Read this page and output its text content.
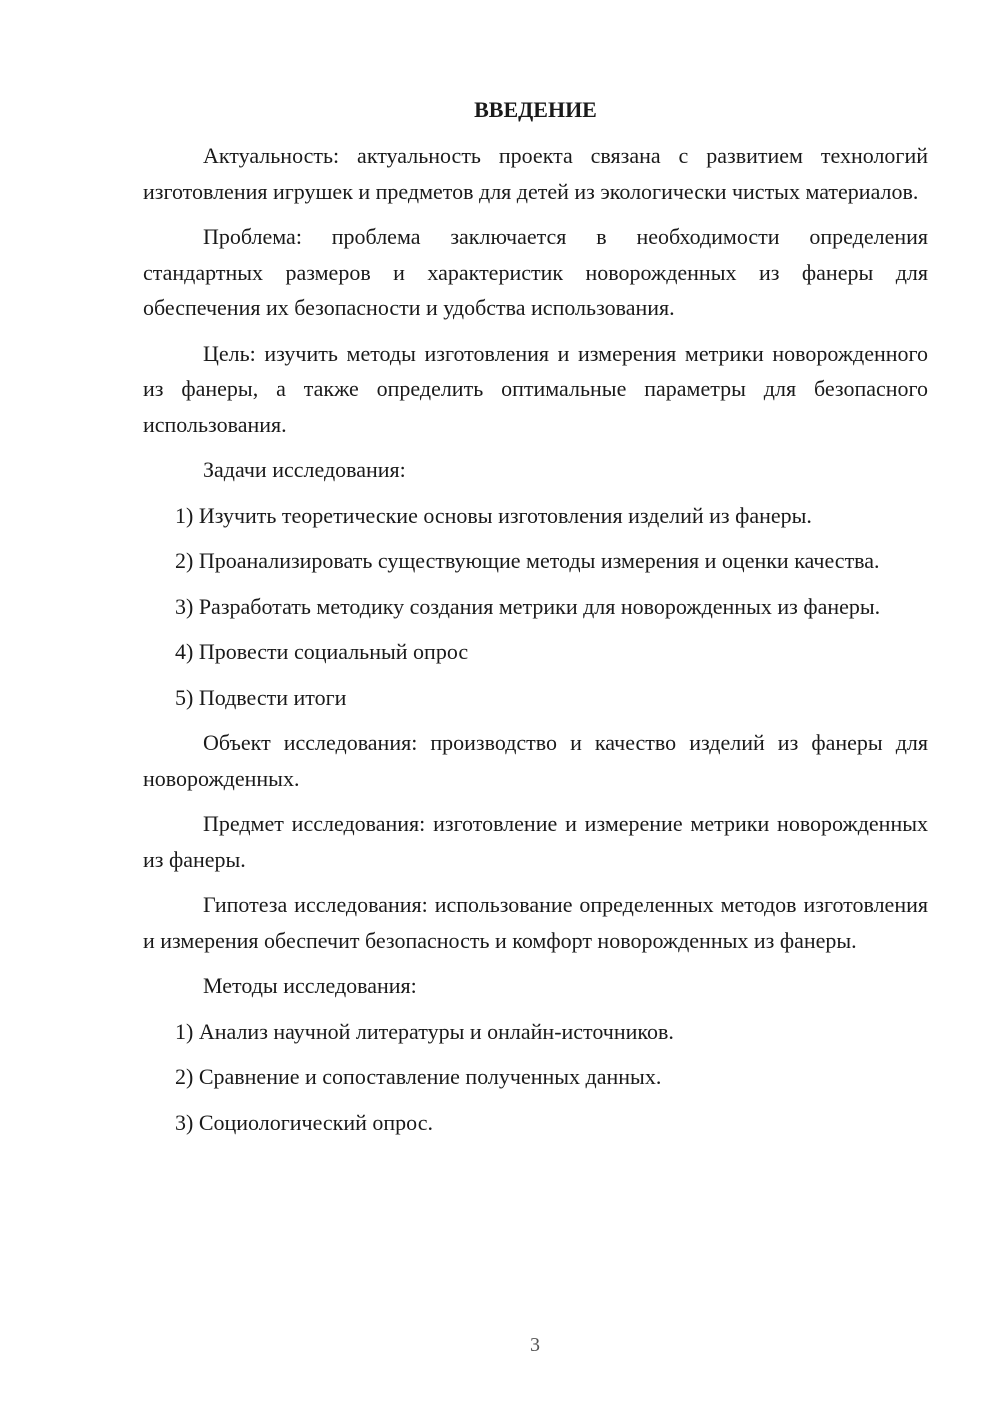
ВВЕДЕНИЕ

Актуальность: актуальность проекта связана с развитием технологий изготовления игрушек и предметов для детей из экологически чистых материалов.

Проблема: проблема заключается в необходимости определения стандартных размеров и характеристик новорожденных из фанеры для обеспечения их безопасности и удобства использования.

Цель: изучить методы изготовления и измерения метрики новорожденного из фанеры, а также определить оптимальные параметры для безопасного использования.

Задачи исследования:

1) Изучить теоретические основы изготовления изделий из фанеры.

2) Проанализировать существующие методы измерения и оценки качества.

3) Разработать методику создания метрики для новорожденных из фанеры.

4) Провести социальный опрос

5) Подвести итоги

Объект исследования: производство и качество изделий из фанеры для новорожденных.

Предмет исследования: изготовление и измерение метрики новорожденных из фанеры.

Гипотеза исследования: использование определенных методов изготовления и измерения обеспечит безопасность и комфорт новорожденных из фанеры.

Методы исследования:

1) Анализ научной литературы и онлайн-источников.

2) Сравнение и сопоставление полученных данных.

3) Социологический опрос.

3
